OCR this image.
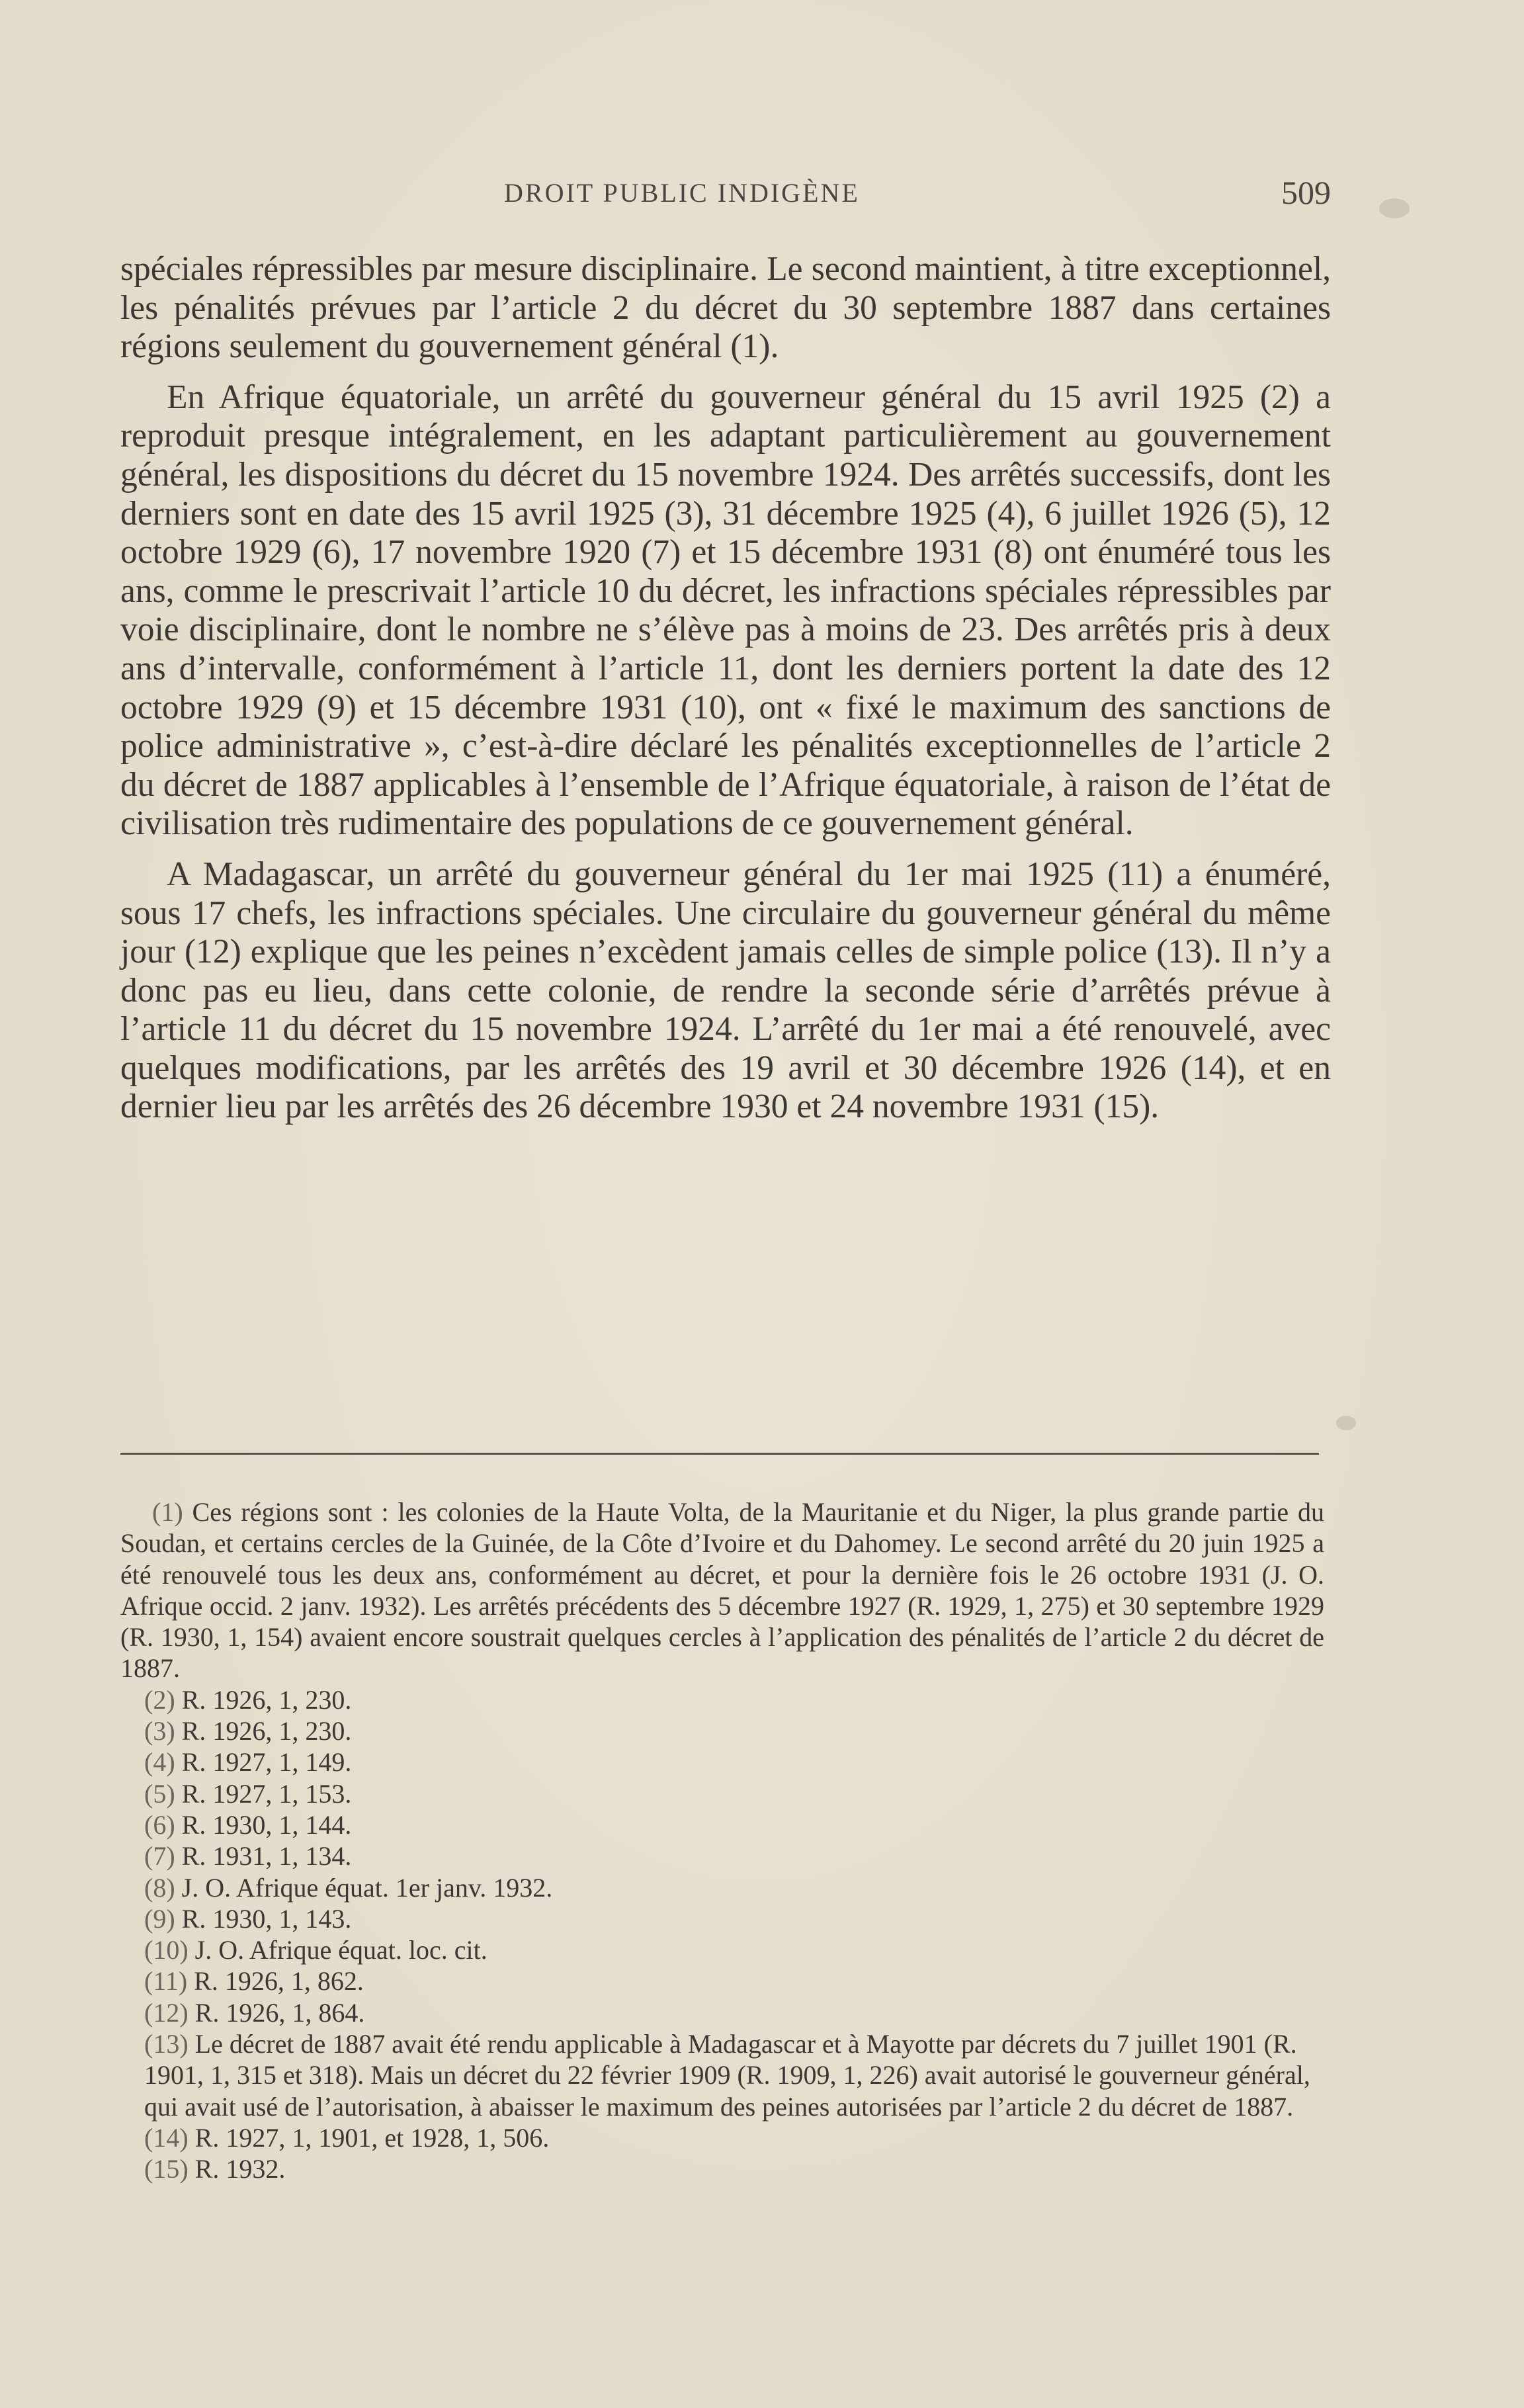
DROIT PUBLIC INDIGÈNE	509

spéciales répressibles par mesure disciplinaire. Le second maintient, à titre exceptionnel, les pénalités prévues par l’article 2 du décret du 30 septembre 1887 dans certaines régions seulement du gouvernement général (1).

En Afrique équatoriale, un arrêté du gouverneur général du 15 avril 1925 (2) a reproduit presque intégralement, en les adaptant particulièrement au gouvernement général, les dispositions du décret du 15 novembre 1924. Des arrêtés successifs, dont les derniers sont en date des 15 avril 1925 (3), 31 décembre 1925 (4), 6 juillet 1926 (5), 12 octobre 1929 (6), 17 novembre 1920 (7) et 15 décembre 1931 (8) ont énuméré tous les ans, comme le prescrivait l’article 10 du décret, les infractions spéciales répressibles par voie disciplinaire, dont le nombre ne s’élève pas à moins de 23. Des arrêtés pris à deux ans d’intervalle, conformément à l’article 11, dont les derniers portent la date des 12 octobre 1929 (9) et 15 décembre 1931 (10), ont « fixé le maximum des sanctions de police administrative », c’est-à-dire déclaré les pénalités exceptionnelles de l’article 2 du décret de 1887 applicables à l’ensemble de l’Afrique équatoriale, à raison de l’état de civilisation très rudimentaire des populations de ce gouvernement général.

A Madagascar, un arrêté du gouverneur général du 1er mai 1925 (11) a énuméré, sous 17 chefs, les infractions spéciales. Une circulaire du gouverneur général du même jour (12) explique que les peines n’excèdent jamais celles de simple police (13). Il n’y a donc pas eu lieu, dans cette colonie, de rendre la seconde série d’arrêtés prévue à l’article 11 du décret du 15 novembre 1924. L’arrêté du 1er mai a été renouvelé, avec quelques modifications, par les arrêtés des 19 avril et 30 décembre 1926 (14), et en dernier lieu par les arrêtés des 26 décembre 1930 et 24 novembre 1931 (15).

(1) Ces régions sont : les colonies de la Haute Volta, de la Mauritanie et du Niger, la plus grande partie du Soudan, et certains cercles de la Guinée, de la Côte d’Ivoire et du Dahomey. Le second arrêté du 20 juin 1925 a été renouvelé tous les deux ans, conformément au décret, et pour la dernière fois le 26 octobre 1931 (J. O. Afrique occid. 2 janv. 1932). Les arrêtés précédents des 5 décembre 1927 (R. 1929, 1, 275) et 30 septembre 1929 (R. 1930, 1, 154) avaient encore soustrait quelques cercles à l’application des pénalités de l’article 2 du décret de 1887.

(2) R. 1926, 1, 230.

(3) R. 1926, 1, 230.

(4) R. 1927, 1, 149.

(5) R. 1927, 1, 153.

(6) R. 1930, 1, 144.

(7) R. 1931, 1, 134.

(8) J. O. Afrique équat. 1er janv. 1932.

(9) R. 1930, 1, 143.

(10) J. O. Afrique équat. loc. cit.

(11) R. 1926, 1, 862.

(12) R. 1926, 1, 864.

(13) Le décret de 1887 avait été rendu applicable à Madagascar et à Mayotte par décrets du 7 juillet 1901 (R. 1901, 1, 315 et 318). Mais un décret du 22 février 1909 (R. 1909, 1, 226) avait autorisé le gouverneur général, qui avait usé de l’autorisation, à abaisser le maximum des peines autorisées par l’article 2 du décret de 1887.

(14) R. 1927, 1, 1901, et 1928, 1, 506.

(15) R. 1932.
